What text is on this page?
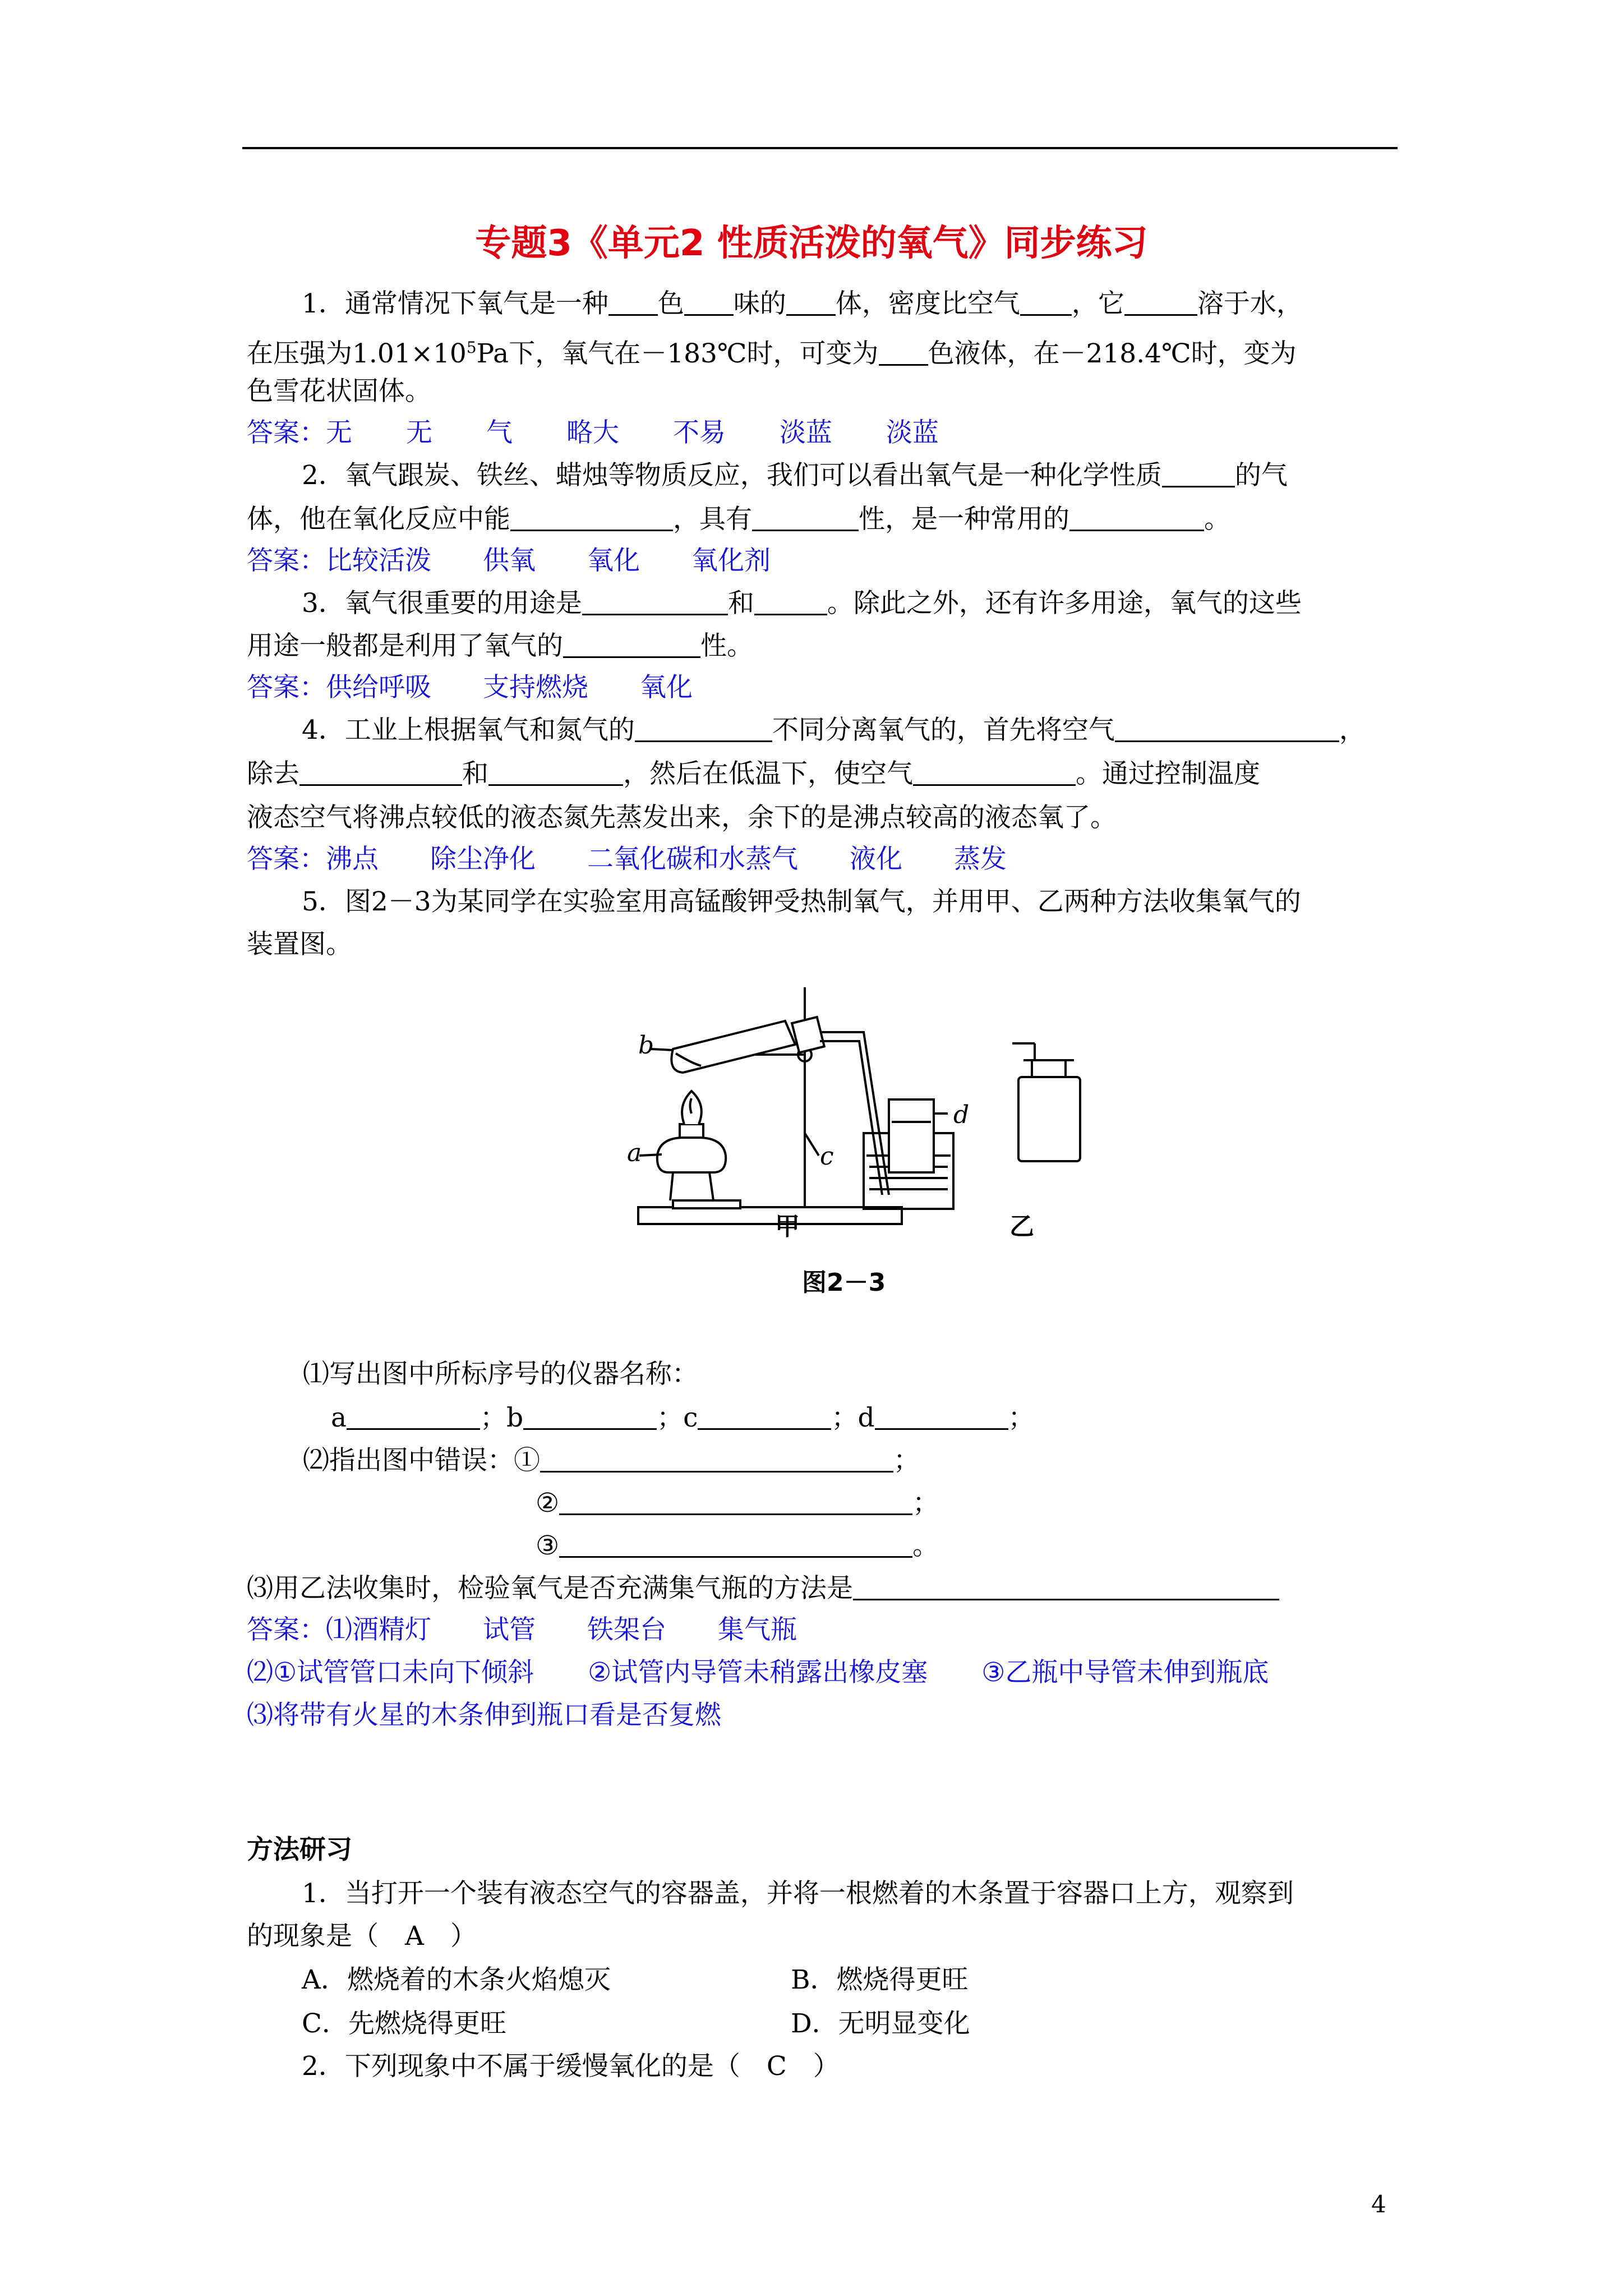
专题3《单元2 性质活泼的氧气》同步练习
1．通常情况下氧气是一种 色 味的 体，密度比空气 ，它	溶于水，
在压强为$1.01\times 10^5Pa$下，氧气在－183℃时，可变为 色液体，在－218.4℃时，变为
色雪花状固体。
答案：无 无 气 略大 不易 淡蓝 淡蓝
2．氧气跟炭、铁丝、蜡烛等物质反应，我们可以看出氧气是一种化学性质	的气
体，他在氧化反应中能	，具有	性，是一种常用的	。
答案：比较活泼 供氧 氧化 氧化剂
3．氧气很重要的用途是	和	。除此之外，还有许多用途，氧气的这些
用途一般都是利用了氧气的	性。
答案：供给呼吸 支持燃烧 氧化
4．工业上根据氧气和氮气的	不同分离氧气的，首先将空气	，
除去	和	，然后在低温下，使空气	。通过控制温度
液态空气将沸点较低的液态氮先蒸发出来，余下的是沸点较高的液态氧了。
答案：沸点 除尘净化 二氧化碳和水蒸气 液化 蒸发
5．图2－3为某同学在实验室用高锰酸钾受热制氧气，并用甲、乙两种方法收集氧气的
装置图。
b
a	c
d
甲	乙
图2－3
⑴写出图中所标序号的仪器名称：
a	；b	；c	；d	；
⑵指出图中错误：①	；
②	；
③	。
⑶用乙法收集时，检验氧气是否充满集气瓶的方法是
答案：⑴酒精灯 试管 铁架台 集气瓶
⑵①试管管口未向下倾斜 ②试管内导管未稍露出橡皮塞 ③乙瓶中导管未伸到瓶底
⑶将带有火星的木条伸到瓶口看是否复燃
方法研习
1．当打开一个装有液态空气的容器盖，并将一根燃着的木条置于容器口上方，观察到
的现象是（　A　）
A．燃烧着的木条火焰熄灭	B．燃烧得更旺
C．先燃烧得更旺	D．无明显变化
2．下列现象中不属于缓慢氧化的是（　C　）
4
